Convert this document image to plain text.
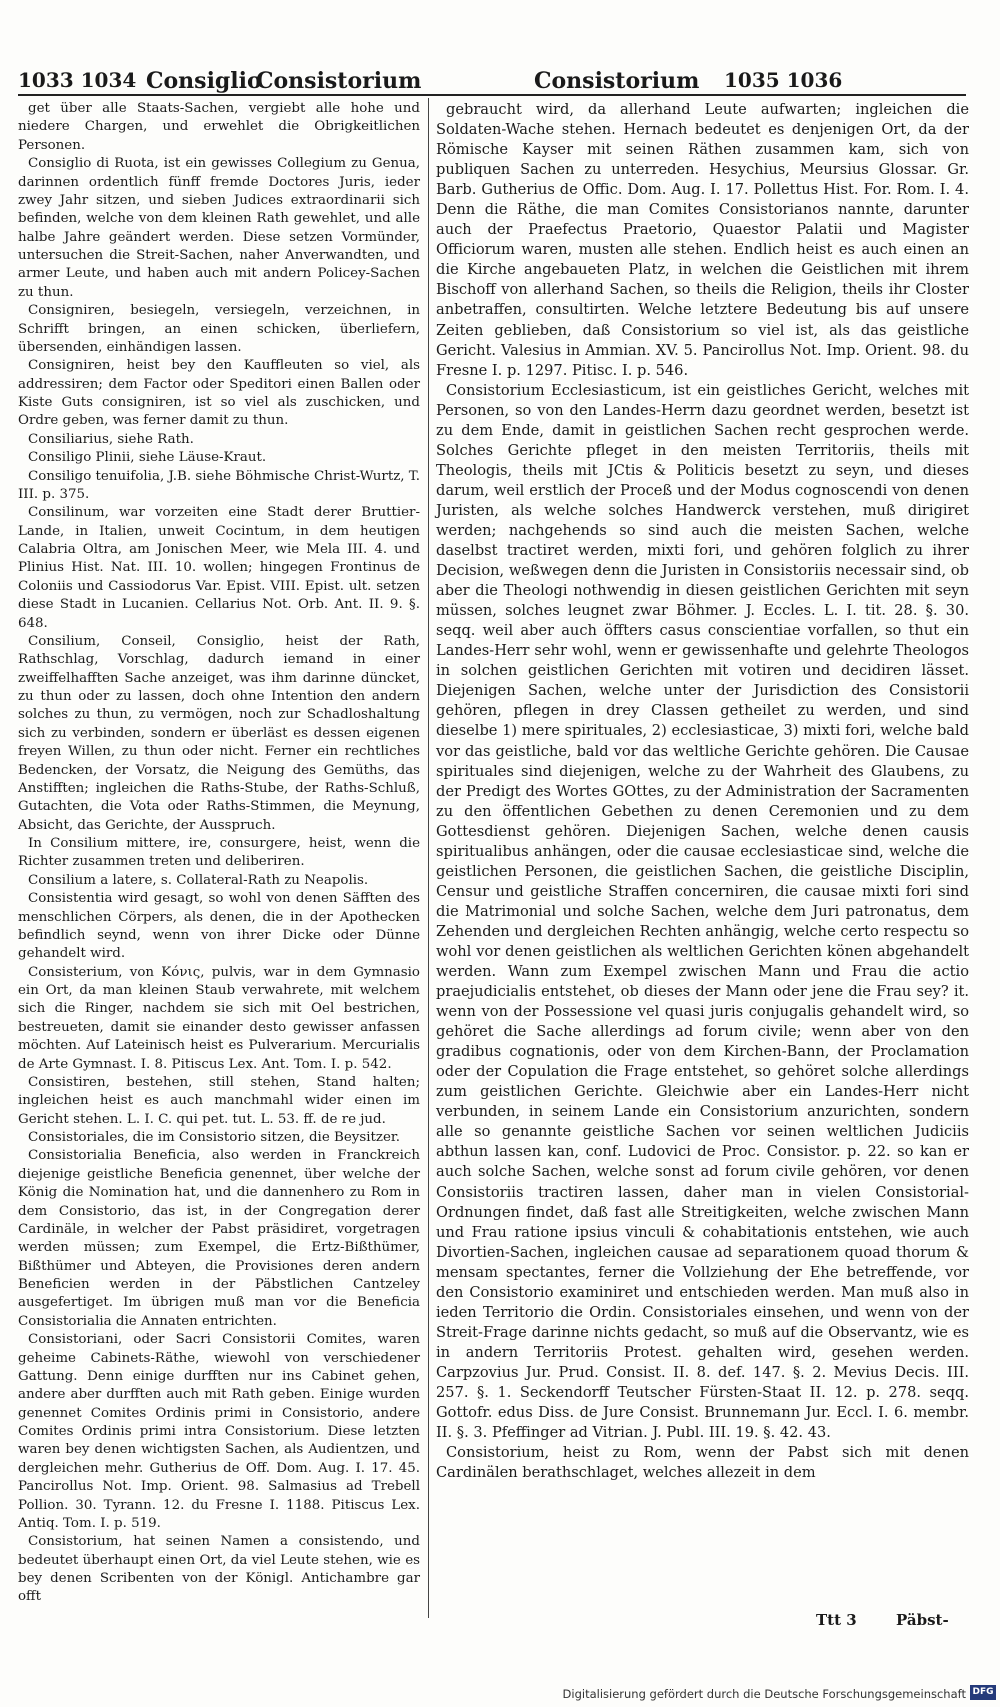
1033 1034 Consiglio
Consistorium	Consistorium 1035 1036

get über alle Staats-Sachen, vergiebt alle hohe und niedere Chargen, und erwehlet die Obrigkeitlichen Personen.

Consiglio di Ruota, ist ein gewisses Collegium zu Genua, darinnen ordentlich fünff fremde Doctores Juris, ieder zwey Jahr sitzen, und sieben Judices extraordinarii sich befinden, welche von dem kleinen Rath gewehlet, und alle halbe Jahre geändert werden. Diese setzen Vormünder, untersuchen die Streit-Sachen, naher Anverwandten, und armer Leute, und haben auch mit andern Policey-Sachen zu thun.

Consigniren, besiegeln, versiegeln, verzeichnen, in Schrifft bringen, an einen schicken, überliefern, übersenden, einhändigen lassen.

Consigniren, heist bey den Kauffleuten so viel, als addressiren; dem Factor oder Speditori einen Ballen oder Kiste Guts consigniren, ist so viel als zuschicken, und Ordre geben, was ferner damit zu thun.

Consiliarius, siehe Rath.

Consiligo Plinii, siehe Läuse-Kraut.

Consiligo tenuifolia, J.B. siehe Böhmische Christ-Wurtz, T. III. p. 375.

Consilinum, war vorzeiten eine Stadt derer Bruttier-Lande, in Italien, unweit Cocintum, in dem heutigen Calabria Oltra, am Jonischen Meer, wie Mela III. 4. und Plinius Hist. Nat. III. 10. wollen; hingegen Frontinus de Coloniis und Cassiodorus Var. Epist. VIII. Epist. ult. setzen diese Stadt in Lucanien. Cellarius Not. Orb. Ant. II. 9. §. 648.

Consilium, Conseil, Consiglio, heist der Rath, Rathschlag, Vorschlag, dadurch iemand in einer zweiffelhafften Sache anzeiget, was ihm darinne düncket, zu thun oder zu lassen, doch ohne Intention den andern solches zu thun, zu vermögen, noch zur Schadloshaltung sich zu verbinden, sondern er überläst es dessen eigenen freyen Willen, zu thun oder nicht. Ferner ein rechtliches Bedencken, der Vorsatz, die Neigung des Gemüths, das Anstifften; ingleichen die Raths-Stube, der Raths-Schluß, Gutachten, die Vota oder Raths-Stimmen, die Meynung, Absicht, das Gerichte, der Ausspruch.

In Consilium mittere, ire, consurgere, heist, wenn die Richter zusammen treten und deliberiren.

Consilium a latere, s. Collateral-Rath zu Neapolis.

Consistentia wird gesagt, so wohl von denen Säfften des menschlichen Cörpers, als denen, die in der Apothecken befindlich seynd, wenn von ihrer Dicke oder Dünne gehandelt wird.

Consisterium, von Κόνις, pulvis, war in dem Gymnasio ein Ort, da man kleinen Staub verwahrete, mit welchem sich die Ringer, nachdem sie sich mit Oel bestrichen, bestreueten, damit sie einander desto gewisser anfassen möchten. Auf Lateinisch heist es Pulverarium. Mercurialis de Arte Gymnast. I. 8. Pitiscus Lex. Ant. Tom. I. p. 542.

Consistiren, bestehen, still stehen, Stand halten; ingleichen heist es auch manchmahl wider einen im Gericht stehen. L. I. C. qui pet. tut. L. 53. ff. de re jud.

Consistoriales, die im Consistorio sitzen, die Beysitzer.

Consistorialia Beneficia, also werden in Franckreich diejenige geistliche Beneficia genennet, über welche der König die Nomination hat, und die dannenhero zu Rom in dem Consistorio, das ist, in der Congregation derer Cardinäle, in welcher der Pabst präsidiret, vorgetragen werden müssen; zum Exempel, die Ertz-Bißthümer, Bißthümer und Abteyen, die Provisiones deren andern Beneficien werden in der Päbstlichen Cantzeley ausgefertiget. Im übrigen muß man vor die Beneficia Consistorialia die Annaten entrichten.

Consistoriani, oder Sacri Consistorii Comites, waren geheime Cabinets-Räthe, wiewohl von verschiedener Gattung. Denn einige durfften nur ins Cabinet gehen, andere aber durfften auch mit Rath geben. Einige wurden genennet Comites Ordinis primi in Consistorio, andere Comites Ordinis primi intra Consistorium. Diese letzten waren bey denen wichtigsten Sachen, als Audientzen, und dergleichen mehr. Gutherius de Off. Dom. Aug. I. 17. 45. Pancirollus Not. Imp. Orient. 98. Salmasius ad Trebell Pollion. 30. Tyrann. 12. du Fresne I. 1188. Pitiscus Lex. Antiq. Tom. I. p. 519.

Consistorium, hat seinen Namen a consistendo, und bedeutet überhaupt einen Ort, da viel Leute stehen, wie es bey denen Scribenten von der Königl. Antichambre gar offt

gebraucht wird, da allerhand Leute aufwarten; ingleichen die Soldaten-Wache stehen. Hernach bedeutet es denjenigen Ort, da der Römische Kayser mit seinen Räthen zusammen kam, sich von publiquen Sachen zu unterreden. Hesychius, Meursius Glossar. Gr. Barb. Gutherius de Offic. Dom. Aug. I. 17. Pollettus Hist. For. Rom. I. 4. Denn die Räthe, die man Comites Consistorianos nannte, darunter auch der Praefectus Praetorio, Quaestor Palatii und Magister Officiorum waren, musten alle stehen. Endlich heist es auch einen an die Kirche angebaueten Platz, in welchen die Geistlichen mit ihrem Bischoff von allerhand Sachen, so theils die Religion, theils ihr Closter anbetraffen, consultirten. Welche letztere Bedeutung bis auf unsere Zeiten geblieben, daß Consistorium so viel ist, als das geistliche Gericht. Valesius in Ammian. XV. 5. Pancirollus Not. Imp. Orient. 98. du Fresne I. p. 1297. Pitisc. I. p. 546.

Consistorium Ecclesiasticum, ist ein geistliches Gericht, welches mit Personen, so von den Landes-Herrn dazu geordnet werden, besetzt ist zu dem Ende, damit in geistlichen Sachen recht gesprochen werde. Solches Gerichte pfleget in den meisten Territoriis, theils mit Theologis, theils mit JCtis & Politicis besetzt zu seyn, und dieses darum, weil erstlich der Proceß und der Modus cognoscendi von denen Juristen, als welche solches Handwerck verstehen, muß dirigiret werden; nachgehends so sind auch die meisten Sachen, welche daselbst tractiret werden, mixti fori, und gehören folglich zu ihrer Decision, weßwegen denn die Juristen in Consistoriis necessair sind, ob aber die Theologi nothwendig in diesen geistlichen Gerichten mit seyn müssen, solches leugnet zwar Böhmer. J. Eccles. L. I. tit. 28. §. 30. seqq. weil aber auch öffters casus conscientiae vorfallen, so thut ein Landes-Herr sehr wohl, wenn er gewissenhafte und gelehrte Theologos in solchen geistlichen Gerichten mit votiren und decidiren lässet. Diejenigen Sachen, welche unter der Jurisdiction des Consistorii gehören, pflegen in drey Classen getheilet zu werden, und sind dieselbe 1) mere spirituales, 2) ecclesiasticae, 3) mixti fori, welche bald vor das geistliche, bald vor das weltliche Gerichte gehören. Die Causae spirituales sind diejenigen, welche zu der Wahrheit des Glaubens, zu der Predigt des Wortes GOttes, zu der Administration der Sacramenten zu den öffentlichen Gebethen zu denen Ceremonien und zu dem Gottesdienst gehören. Diejenigen Sachen, welche denen causis spiritualibus anhängen, oder die causae ecclesiasticae sind, welche die geistlichen Personen, die geistlichen Sachen, die geistliche Disciplin, Censur und geistliche Straffen concerniren, die causae mixti fori sind die Matrimonial und solche Sachen, welche dem Juri patronatus, dem Zehenden und dergleichen Rechten anhängig, welche certo respectu so wohl vor denen geistlichen als weltlichen Gerichten könen abgehandelt werden. Wann zum Exempel zwischen Mann und Frau die actio praejudicialis entstehet, ob dieses der Mann oder jene die Frau sey? it. wenn von der Possessione vel quasi juris conjugalis gehandelt wird, so gehöret die Sache allerdings ad forum civile; wenn aber von den gradibus cognationis, oder von dem Kirchen-Bann, der Proclamation oder der Copulation die Frage entstehet, so gehöret solche allerdings zum geistlichen Gerichte. Gleichwie aber ein Landes-Herr nicht verbunden, in seinem Lande ein Consistorium anzurichten, sondern alle so genannte geistliche Sachen vor seinen weltlichen Judiciis abthun lassen kan, conf. Ludovici de Proc. Consistor. p. 22. so kan er auch solche Sachen, welche sonst ad forum civile gehören, vor denen Consistoriis tractiren lassen, daher man in vielen Consistorial-Ordnungen findet, daß fast alle Streitigkeiten, welche zwischen Mann und Frau ratione ipsius vinculi & cohabitationis entstehen, wie auch Divortien-Sachen, ingleichen causae ad separationem quoad thorum & mensam spectantes, ferner die Vollziehung der Ehe betreffende, vor den Consistorio examiniret und entschieden werden. Man muß also in ieden Territorio die Ordin. Consistoriales einsehen, und wenn von der Streit-Frage darinne nichts gedacht, so muß auf die Observantz, wie es in andern Territoriis Protest. gehalten wird, gesehen werden. Carpzovius Jur. Prud. Consist. II. 8. def. 147. §. 2. Mevius Decis. III. 257. §. 1. Seckendorff Teutscher Fürsten-Staat II. 12. p. 278. seqq. Gottofr. edus Diss. de Jure Consist. Brunnemann Jur. Eccl. I. 6. membr. II. §. 3. Pfeffinger ad Vitrian. J. Publ. III. 19. §. 42. 43.

Consistorium, heist zu Rom, wenn der Pabst sich mit denen Cardinälen berathschlaget, welches allezeit in dem

Ttt 3	Päbst-
Digitalisierung gefördert durch die Deutsche Forschungsgemeinschaft DFG
